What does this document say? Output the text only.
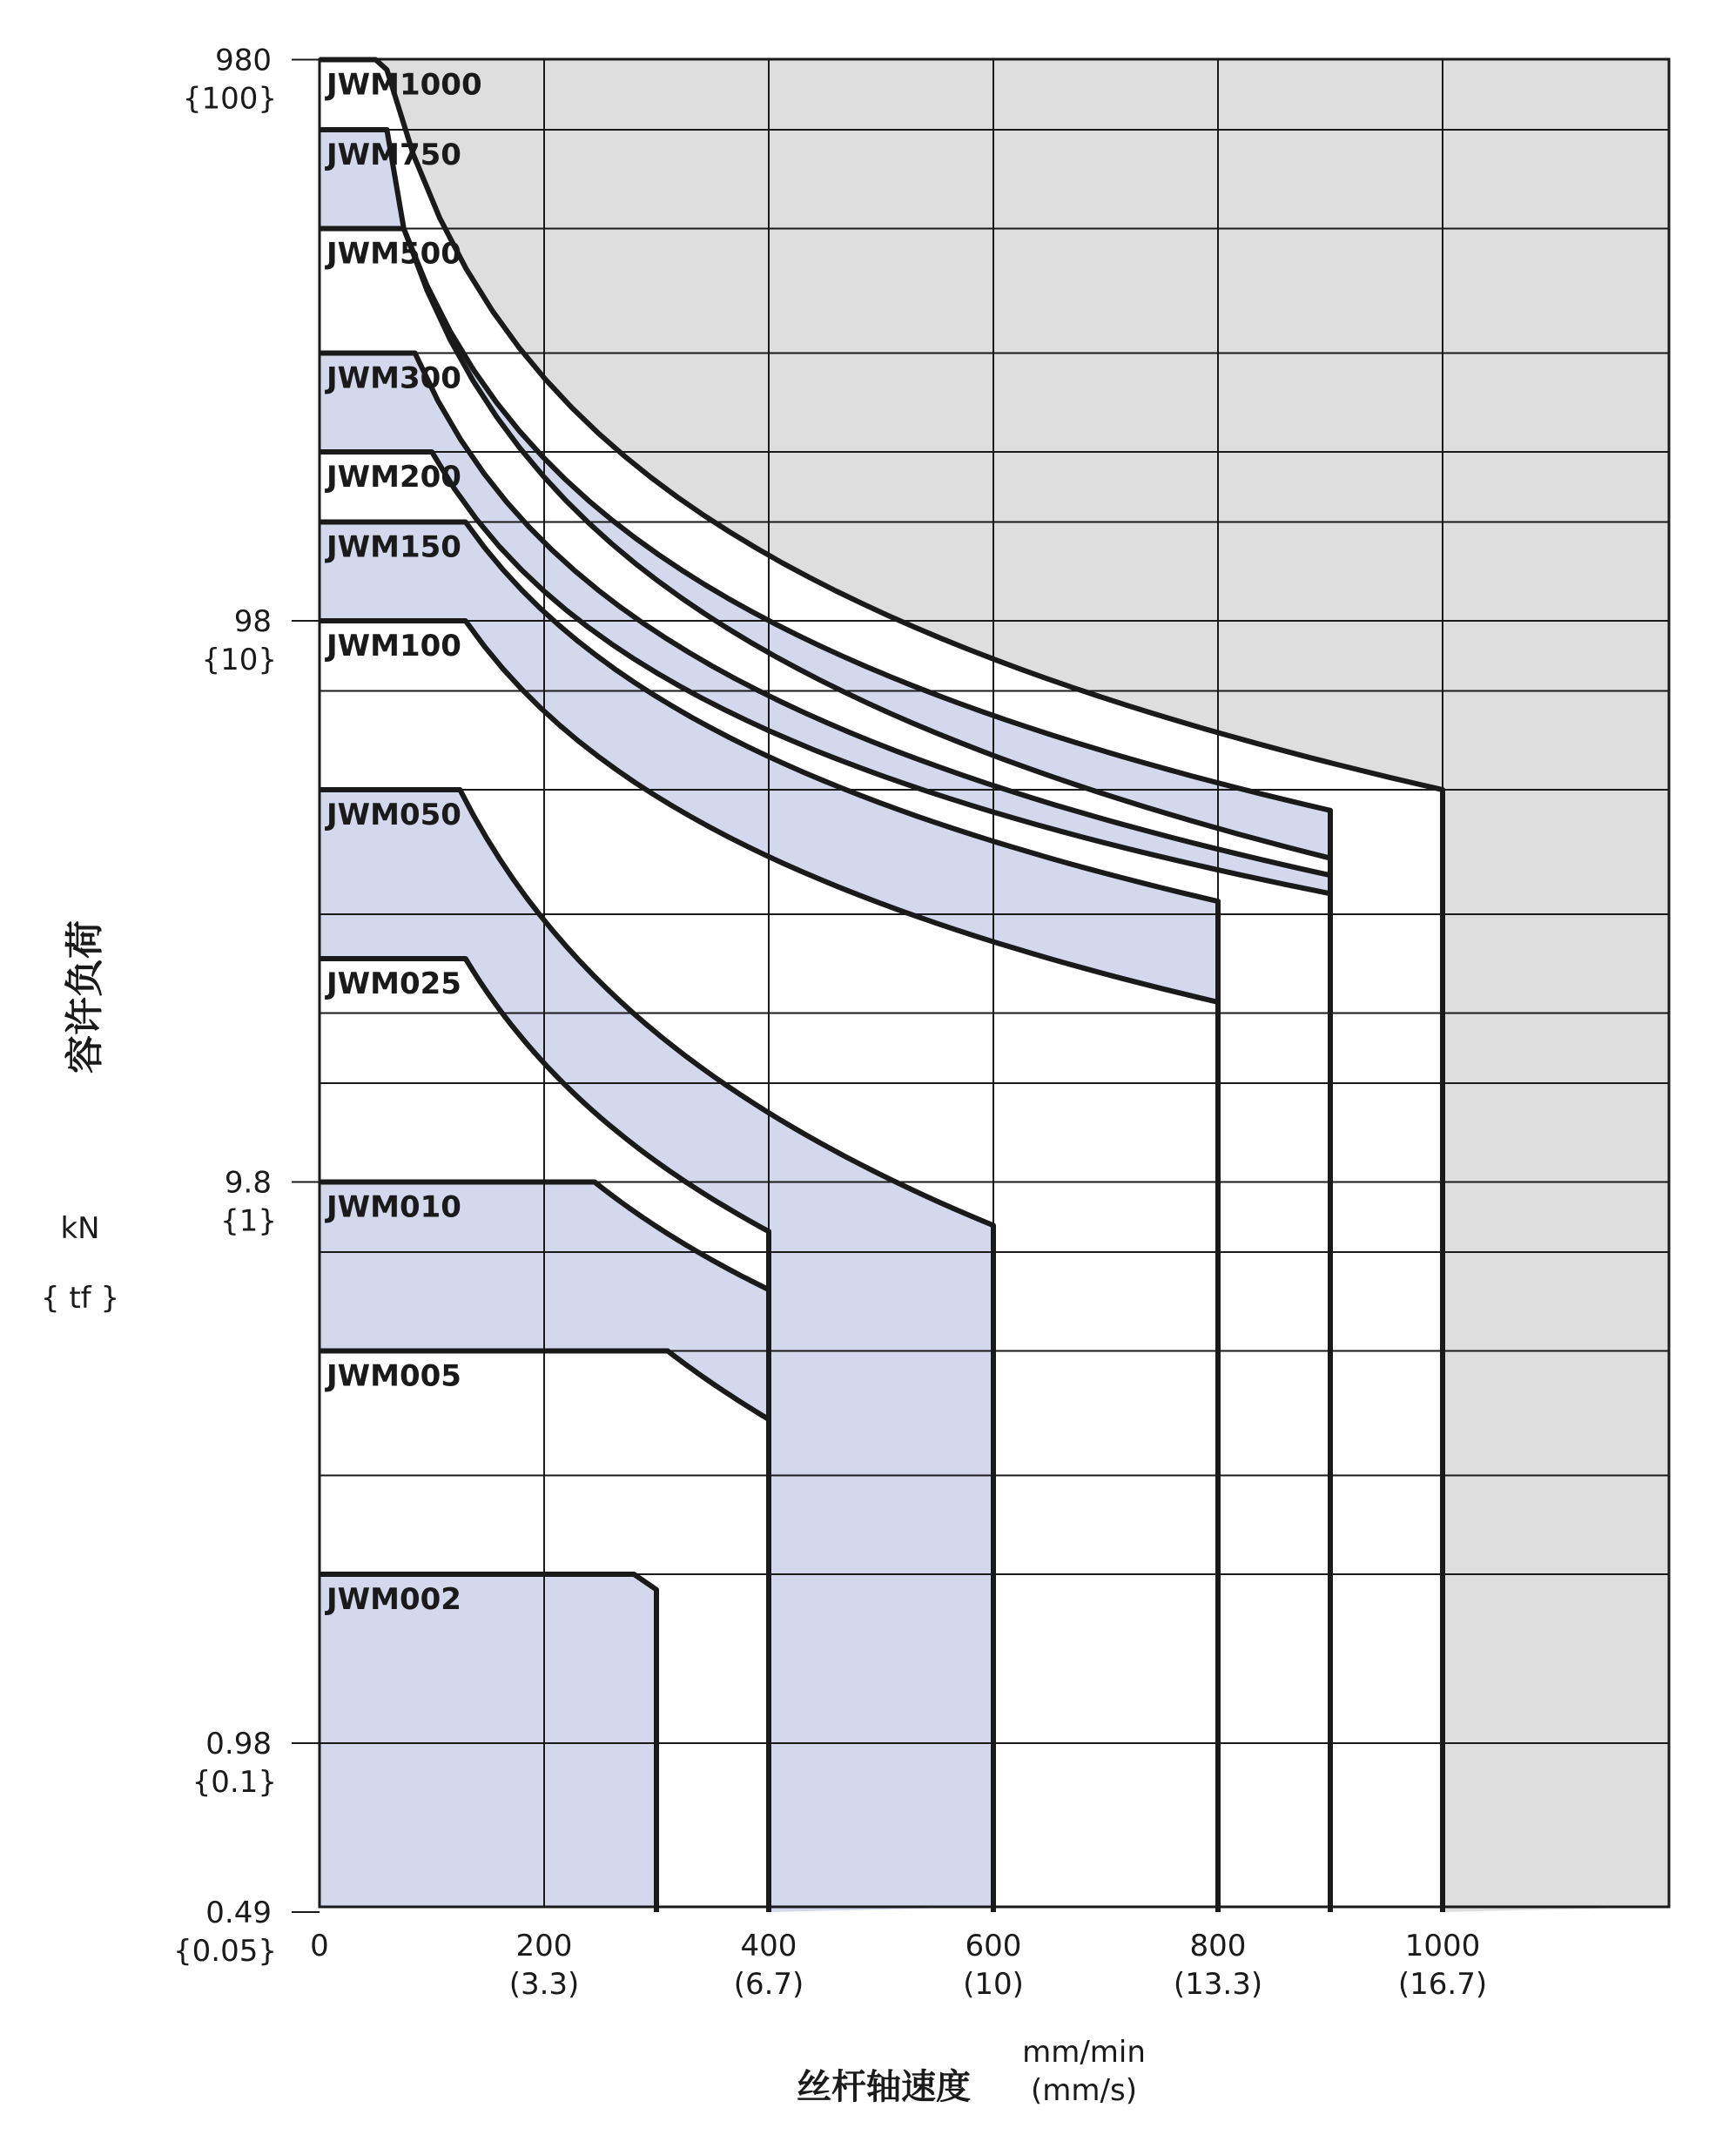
JWM1000
JWM750
JWM500
JWM300
JWM200
JWM150
JWM100
JWM050
JWM025
JWM010
JWM005
JWM002
980
{100}
98
{10}
9.8
{1}
0.98
{0.1}
0.49
{0.05} 0	200
(3.3)
400
(6.7)
600
(10)
800
(13.3)
1000
(16.7)
容许负荷
kN
{ tf }
丝杆轴速度
mm/min
(mm/s)
